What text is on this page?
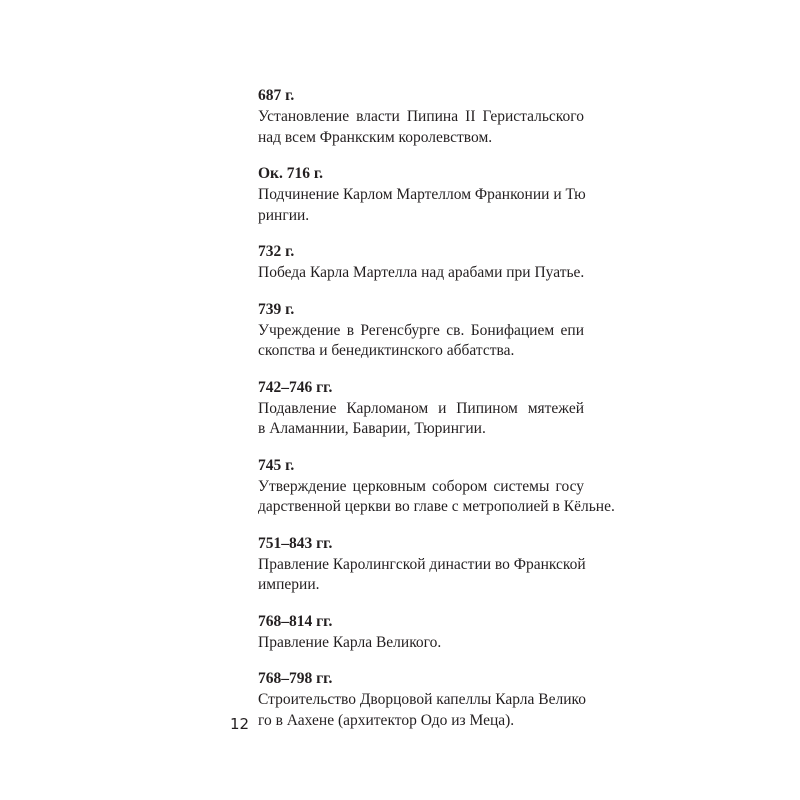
687 г.
Установление власти Пипина II Геристальского
над всем Франкским королевством.
Ок. 716 г.
Подчинение Карлом Мартеллом Франконии и Тю
рингии.
732 г.
Победа Карла Мартелла над арабами при Пуатье.
739 г.
Учреждение в Регенсбурге св. Бонифацием епи
скопства и бенедиктинского аббатства.
742–746 гг.
Подавление Карломаном и Пипином мятежей
в Аламаннии, Баварии, Тюрингии.
745 г.
Утверждение церковным собором системы госу
дарственной церкви во главе с метрополией в Кёльне.
751–843 гг.
Правление Каролингской династии во Франкской
империи.
768–814 гг.
Правление Карла Великого.
768–798 гг.
Строительство Дворцовой капеллы Карла Велико
го в Аахене (архитектор Одо из Меца).
12
